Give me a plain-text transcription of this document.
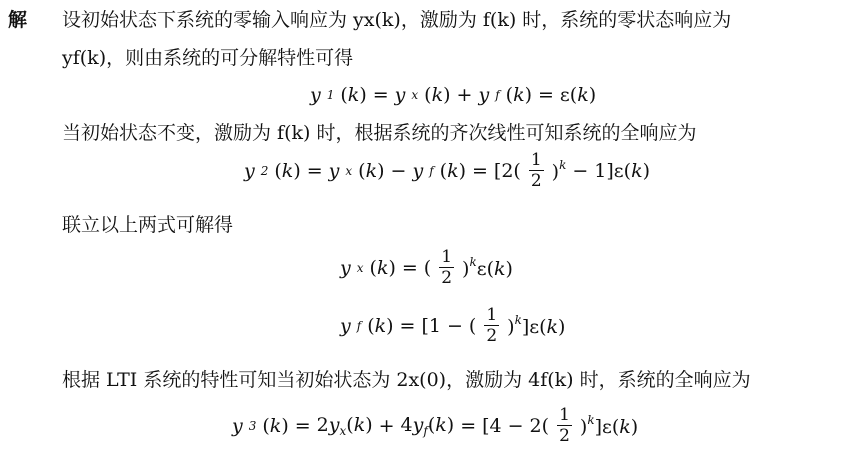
解 设初始状态下系统的零输入响应为 yx(k)，激励为 f(k) 时，系统的零状态响应为
yf(k)，则由系统的可分解特性可得
y 1 (k) = y x (k) + y f (k) = ε(k)
当初始状态不变，激励为 f(k) 时，根据系统的齐次线性可知系统的全响应为
y 2 (k) = y x (k) − y f $(k) = [2( \frac{1}{2} )^k - 1]\varepsilon(k)$
联立以上两式可解得
y x (k) = ( $\frac{1}{2} )^k\varepsilon(k)$
y f (k) = [1 − ( $\frac{1}{2} )^k]\varepsilon(k)$
根据 LTI 系统的特性可知当初始状态为 2x(0)，激励为 4f(k) 时，系统的全响应为
y 3 $(k) = 2y_x(k) + 4y_f(k) = [4 - 2( \frac{1}{2} )^k]\varepsilon(k)$
